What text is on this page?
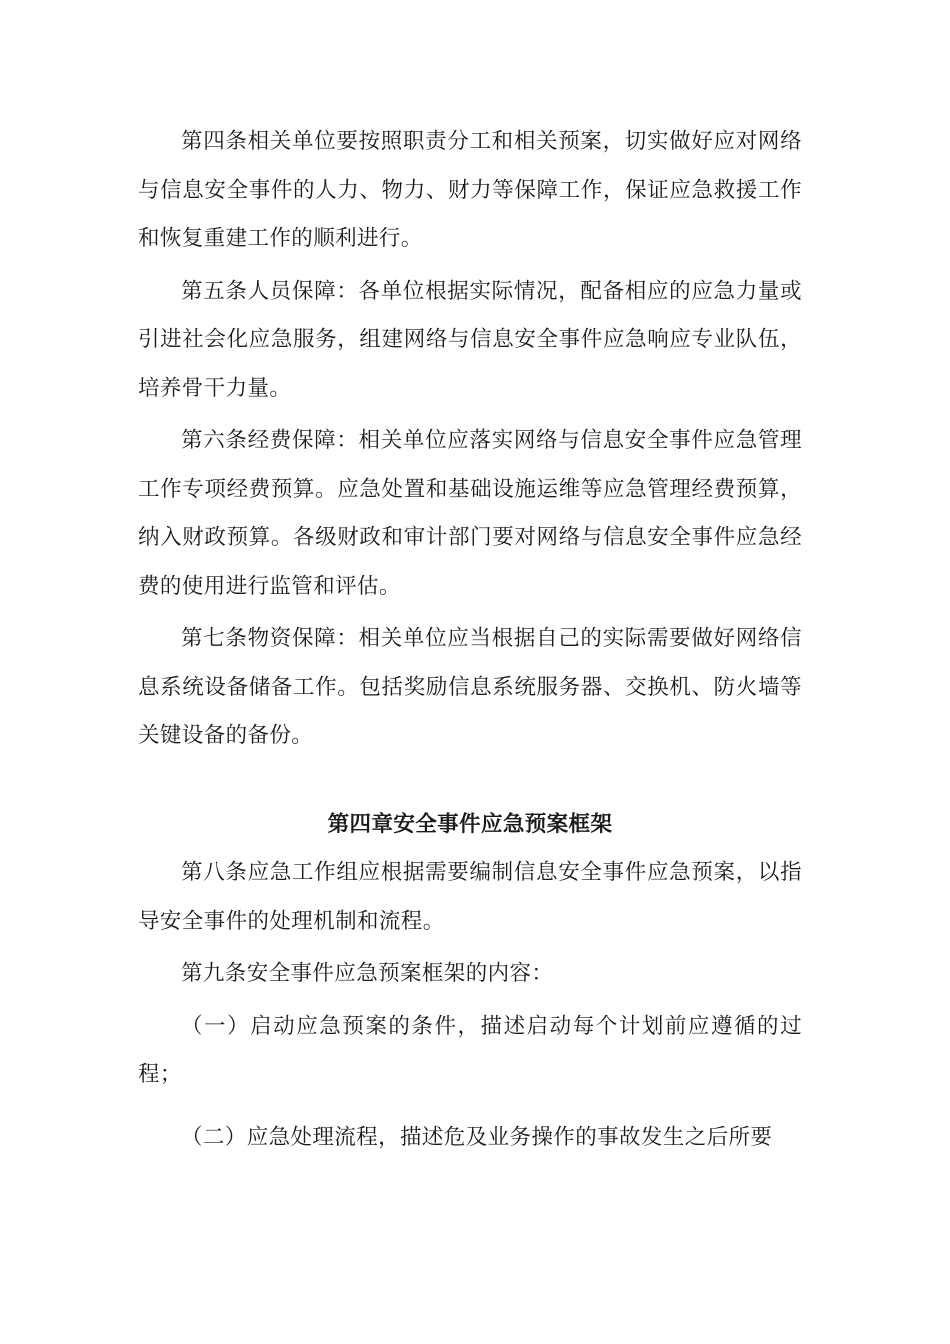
第四条相关单位要按照职责分工和相关预案，切实做好应对网络与信息安全事件的人力、物力、财力等保障工作，保证应急救援工作和恢复重建工作的顺利进行。

第五条人员保障：各单位根据实际情况，配备相应的应急力量或引进社会化应急服务，组建网络与信息安全事件应急响应专业队伍，培养骨干力量。

第六条经费保障：相关单位应落实网络与信息安全事件应急管理工作专项经费预算。应急处置和基础设施运维等应急管理经费预算，纳入财政预算。各级财政和审计部门要对网络与信息安全事件应急经费的使用进行监管和评估。

第七条物资保障：相关单位应当根据自己的实际需要做好网络信息系统设备储备工作。包括奖励信息系统服务器、交换机、防火墙等关键设备的备份。

第四章安全事件应急预案框架

第八条应急工作组应根据需要编制信息安全事件应急预案，以指导安全事件的处理机制和流程。

第九条安全事件应急预案框架的内容：

（一）启动应急预案的条件，描述启动每个计划前应遵循的过程；

（二）应急处理流程，描述危及业务操作的事故发生之后所要
